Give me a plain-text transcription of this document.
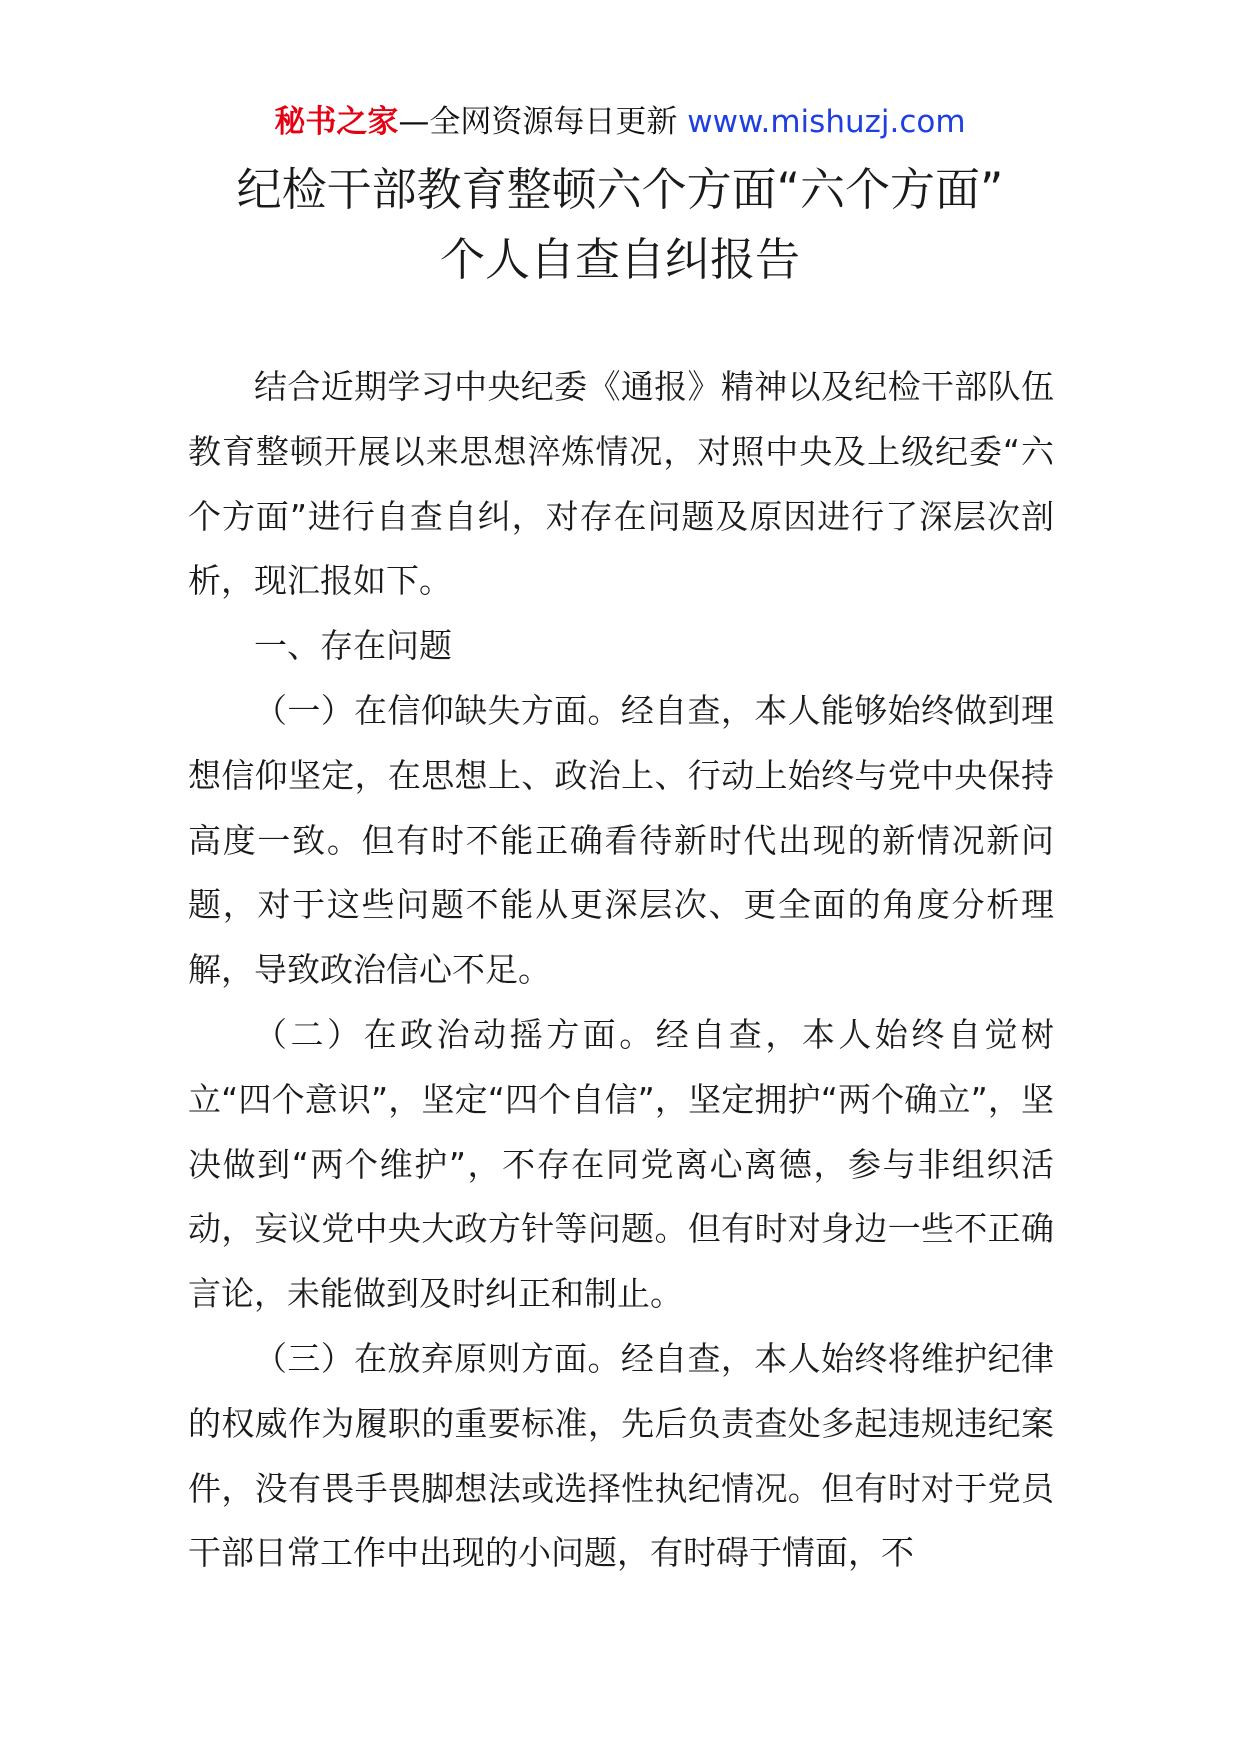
秘书之家—全网资源每日更新 www.mishuzj.com
纪检干部教育整顿六个方面“六个方面”
个人自查自纠报告

结合近期学习中央纪委《通报》精神以及纪检干部队伍教育整顿开展以来思想淬炼情况，对照中央及上级纪委“六个方面”进行自查自纠，对存在问题及原因进行了深层次剖析，现汇报如下。

一、存在问题

（一）在信仰缺失方面。经自查，本人能够始终做到理想信仰坚定，在思想上、政治上、行动上始终与党中央保持高度一致。但有时不能正确看待新时代出现的新情况新问题，对于这些问题不能从更深层次、更全面的角度分析理解，导致政治信心不足。

（二）在政治动摇方面。经自查，本人始终自觉树立“四个意识”，坚定“四个自信”，坚定拥护“两个确立”，坚决做到“两个维护”，不存在同党离心离德，参与非组织活动，妄议党中央大政方针等问题。但有时对身边一些不正确言论，未能做到及时纠正和制止。

（三）在放弃原则方面。经自查，本人始终将维护纪律的权威作为履职的重要标准，先后负责查处多起违规违纪案件，没有畏手畏脚想法或选择性执纪情况。但有时对于党员干部日常工作中出现的小问题，有时碍于情面，不
